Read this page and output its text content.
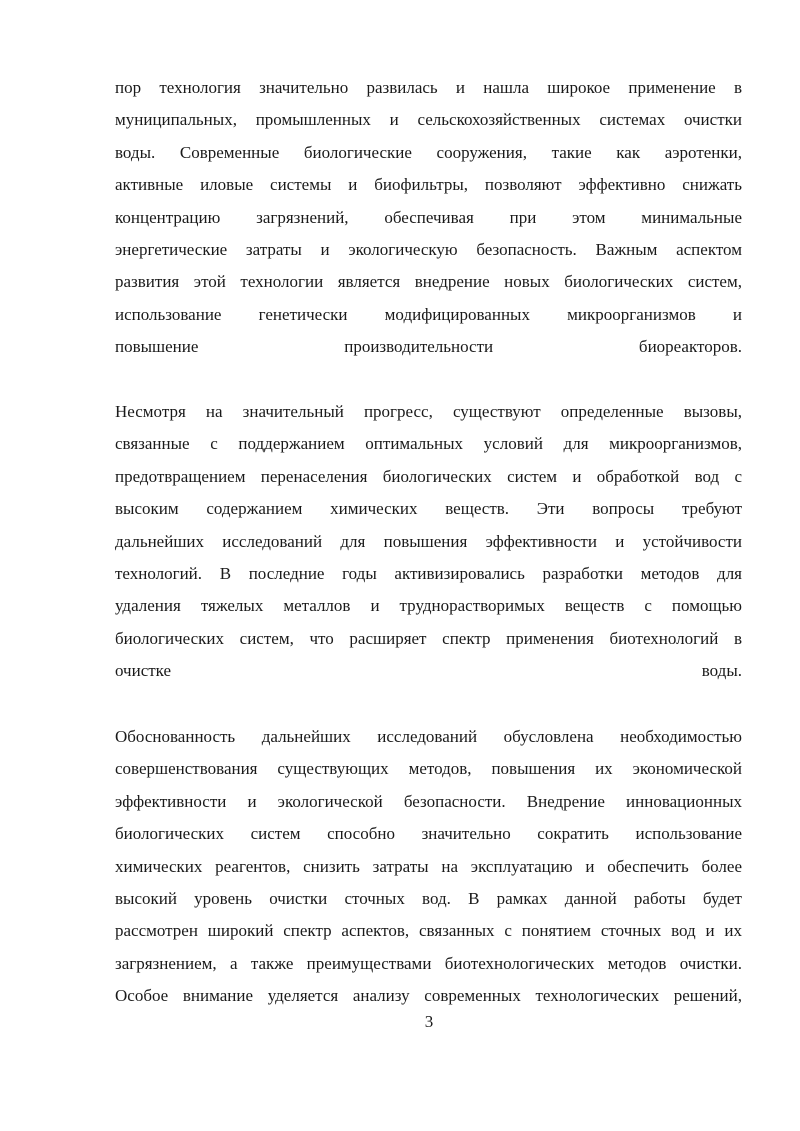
пор технология значительно развилась и нашла широкое применение в
муниципальных, промышленных и сельскохозяйственных системах очистки
воды. Современные биологические сооружения, такие как аэротенки,
активные иловые системы и биофильтры, позволяют эффективно снижать
концентрацию загрязнений, обеспечивая при этом минимальные
энергетические затраты и экологическую безопасность. Важным аспектом
развития этой технологии является внедрение новых биологических систем,
использование генетически модифицированных микроорганизмов и
повышение производительности биореакторов.
Несмотря на значительный прогресс, существуют определенные вызовы,
связанные с поддержанием оптимальных условий для микроорганизмов,
предотвращением перенаселения биологических систем и обработкой вод с
высоким содержанием химических веществ. Эти вопросы требуют
дальнейших исследований для повышения эффективности и устойчивости
технологий. В последние годы активизировались разработки методов для
удаления тяжелых металлов и труднорастворимых веществ с помощью
биологических систем, что расширяет спектр применения биотехнологий в
очистке воды.
Обоснованность дальнейших исследований обусловлена необходимостью
совершенствования существующих методов, повышения их экономической
эффективности и экологической безопасности. Внедрение инновационных
биологических систем способно значительно сократить использование
химических реагентов, снизить затраты на эксплуатацию и обеспечить более
высокий уровень очистки сточных вод. В рамках данной работы будет
рассмотрен широкий спектр аспектов, связанных с понятием сточных вод и их
загрязнением, а также преимуществами биотехнологических методов очистки.
Особое внимание уделяется анализу современных технологических решений,
3
